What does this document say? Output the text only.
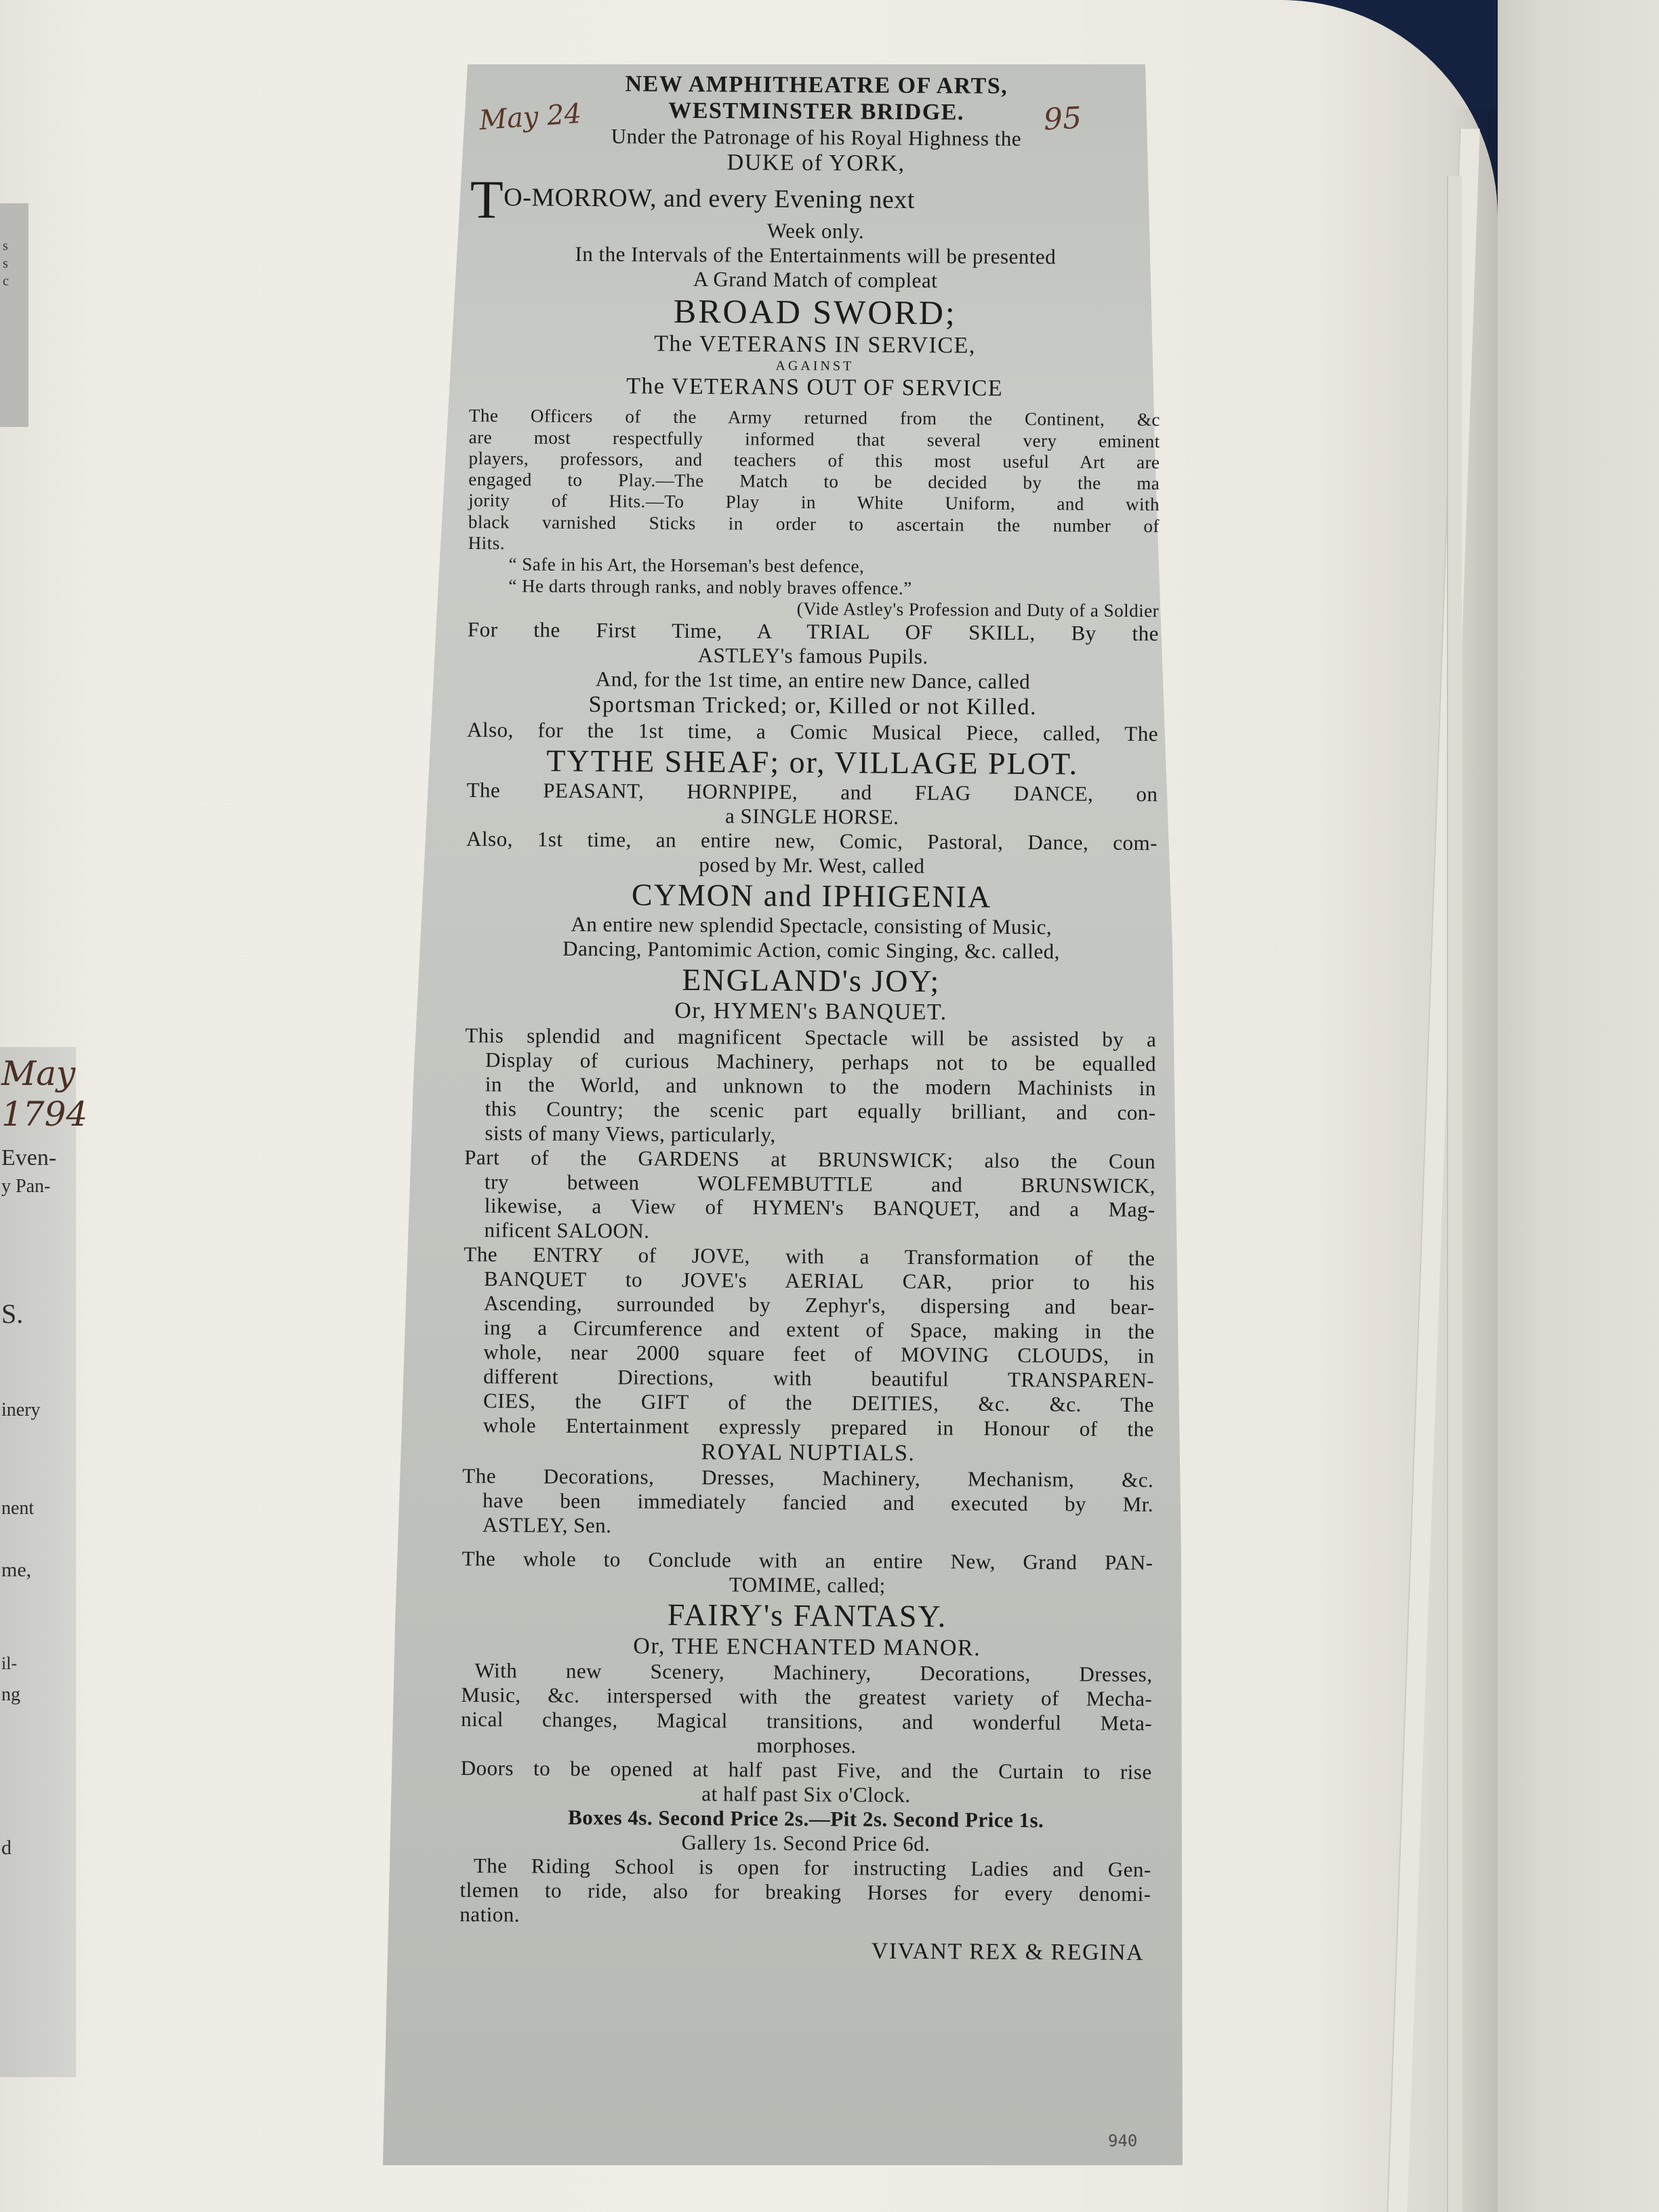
s
s
c
May
1794
Even-
y Pan-
S.
inery
nent
me,
il-
ng
d
May 24	95
940
NEW AMPHITHEATRE OF ARTS,
WESTMINSTER BRIDGE.
Under the Patronage of his Royal Highness the
DUKE of YORK,
TO-MORROW, and every Evening next
Week only.
In the Intervals of the Entertainments will be presented
A Grand Match of compleat
BROAD SWORD;
The VETERANS IN SERVICE,
AGAINST
The VETERANS OUT OF SERVICE
The Officers of the Army returned from the Continent, &c
are most respectfully informed that several very eminent
players, professors, and teachers of this most useful Art are
engaged to Play.—The Match to be decided by the ma
jority of Hits.—To Play in White Uniform, and with
black varnished Sticks in order to ascertain the number of
Hits.
“ Safe in his Art, the Horseman's best defence,
“ He darts through ranks, and nobly braves offence.”
(Vide Astley's Profession and Duty of a Soldier
For the First Time, A TRIAL OF SKILL, By the
ASTLEY's famous Pupils.
And, for the 1st time, an entire new Dance, called
Sportsman Tricked; or, Killed or not Killed.
Also, for the 1st time, a Comic Musical Piece, called, The
TYTHE SHEAF; or, VILLAGE PLOT.
The PEASANT, HORNPIPE, and FLAG DANCE, on
a SINGLE HORSE.
Also, 1st time, an entire new, Comic, Pastoral, Dance, com-
posed by Mr. West, called
CYMON and IPHIGENIA
An entire new splendid Spectacle, consisting of Music,
Dancing, Pantomimic Action, comic Singing, &c. called,
ENGLAND's JOY;
Or, HYMEN's BANQUET.
This splendid and magnificent Spectacle will be assisted by a
Display of curious Machinery, perhaps not to be equalled
in the World, and unknown to the modern Machinists in
this Country; the scenic part equally brilliant, and con-
sists of many Views, particularly,
Part of the GARDENS at BRUNSWICK; also the Coun
try between WOLFEMBUTTLE and BRUNSWICK,
likewise, a View of HYMEN's BANQUET, and a Mag-
nificent SALOON.
The ENTRY of JOVE, with a Transformation of the
BANQUET to JOVE's AERIAL CAR, prior to his
Ascending, surrounded by Zephyr's, dispersing and bear-
ing a Circumference and extent of Space, making in the
whole, near 2000 square feet of MOVING CLOUDS, in
different Directions, with beautiful TRANSPAREN-
CIES, the GIFT of the DEITIES, &c. &c. The
whole Entertainment expressly prepared in Honour of the
ROYAL NUPTIALS.
The Decorations, Dresses, Machinery, Mechanism, &c.
have been immediately fancied and executed by Mr.
ASTLEY, Sen.
The whole to Conclude with an entire New, Grand PAN-
TOMIME, called;
FAIRY's FANTASY.
Or, THE ENCHANTED MANOR.
With new Scenery, Machinery, Decorations, Dresses,
Music, &c. interspersed with the greatest variety of Mecha-
nical changes, Magical transitions, and wonderful Meta-
morphoses.
Doors to be opened at half past Five, and the Curtain to rise
at half past Six o'Clock.
Boxes 4s. Second Price 2s.—Pit 2s. Second Price 1s.
Gallery 1s. Second Price 6d.
The Riding School is open for instructing Ladies and Gen-
tlemen to ride, also for breaking Horses for every denomi-
nation.
VIVANT REX & REGINA
